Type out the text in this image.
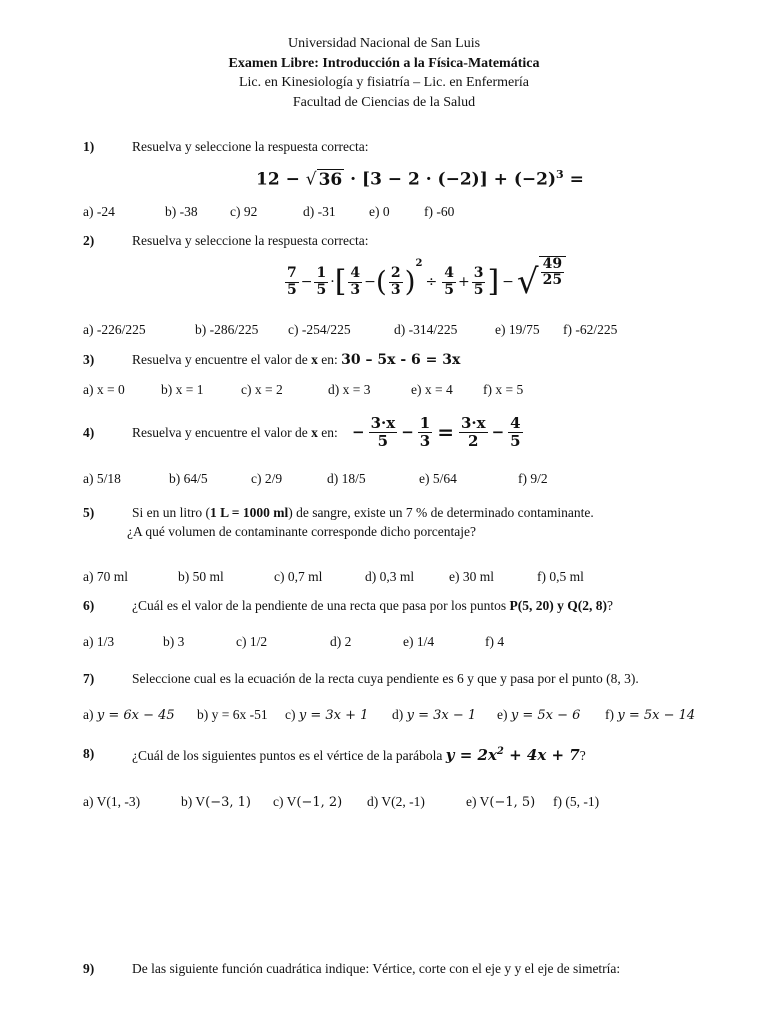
Universidad Nacional de San Luis
Examen Libre: Introducción a la Física-Matemática
Lic. en Kinesiología y fisiatría – Lic. en Enfermería
Facultad de Ciencias de la Salud
1)	Resuelva y seleccione la respuesta correcta:
12 − √ $36 \cdot [3 - 2 \cdot (-2)] + (-2)^3$ =
a) -24	b) -38 c) 92	d) -31 e) 0	f) -60
2)	Resuelva y seleccione la respuesta correcta:
$\frac{7}{5} - \frac{1}{5}$ · [ $\frac{4}{3}$ − ( $\frac{2}{3}$ )
2
÷ $\frac{4}{5} + \frac{3}{5}$ ] − √ $\frac{49}{25}$
a) -226/225	b) -286/225 c) -254/225	d) -314/225	e) 19/75 f) -62/225
3)	Resuelva y encuentre el valor de x en: 30 – 5x - 6 = 3x
a) x = 0	b) x = 1	c) x = 2	d) x = 3	e) x = 4 f) x = 5
4)	Resuelva y encuentre el valor de x en: − $\frac{3\cdot x}{5} - \frac{1}{3} = \frac{3\cdot x}{2} - \frac{4}{5}$
a) 5/18	b) 64/5	c) 2/9	d) 18/5	e) 5/64	f) 9/2
5)	Si en un litro (1 L = 1000 ml) de sangre, existe un 7 % de determinado contaminante.
¿A qué volumen de contaminante corresponde dicho porcentaje?
a) 70 ml	b) 50 ml	c) 0,7 ml	d) 0,3 ml	e) 30 ml	f) 0,5 ml
6)	¿Cuál es el valor de la pendiente de una recta que pasa por los puntos P(5, 20) y Q(2, 8)?
a) 1/3	b) 3	c) 1/2	d) 2	e) 1/4	f) 4
7)	Seleccione cual es la ecuación de la recta cuya pendiente es 6 y que y pasa por el punto (8, 3).
a) y = 6x − 45 b) y = 6x -51 c) y = 3x + 1 d) y = 3x − 1 e) y = 5x − 6 f) y = 5x − 14
8)	¿Cuál de los siguientes puntos es el vértice de la parábola $y = 2x^2 + 4x + 7$?
a) V(1, -3)	b) V(−3, 1) c) V(−1, 2) d) V(2, -1)	e) V(−1, 5) f) (5, -1)
9)	De las siguiente función cuadrática indique: Vértice, corte con el eje y y el eje de simetría:
